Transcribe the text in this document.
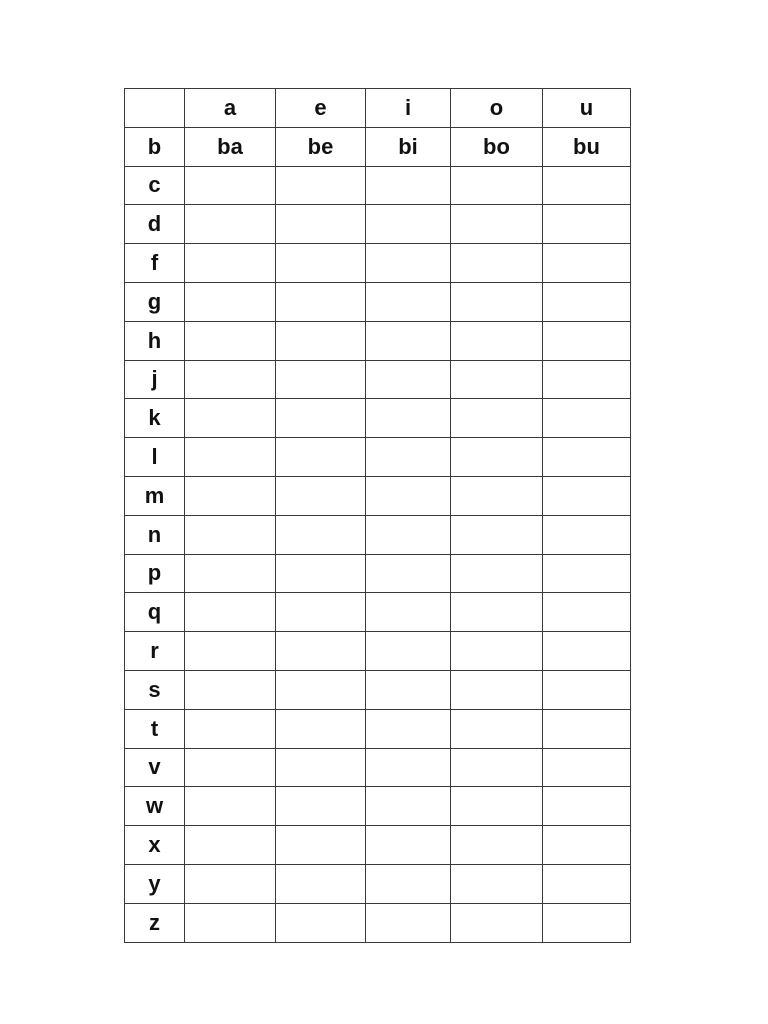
	a	e	i	o	u
b	ba	be	bi	bo	bu
c					
d					
f					
g					
h					
j					
k					
l					
m					
n					
p					
q					
r					
s					
t					
v					
w					
x					
y					
z					
